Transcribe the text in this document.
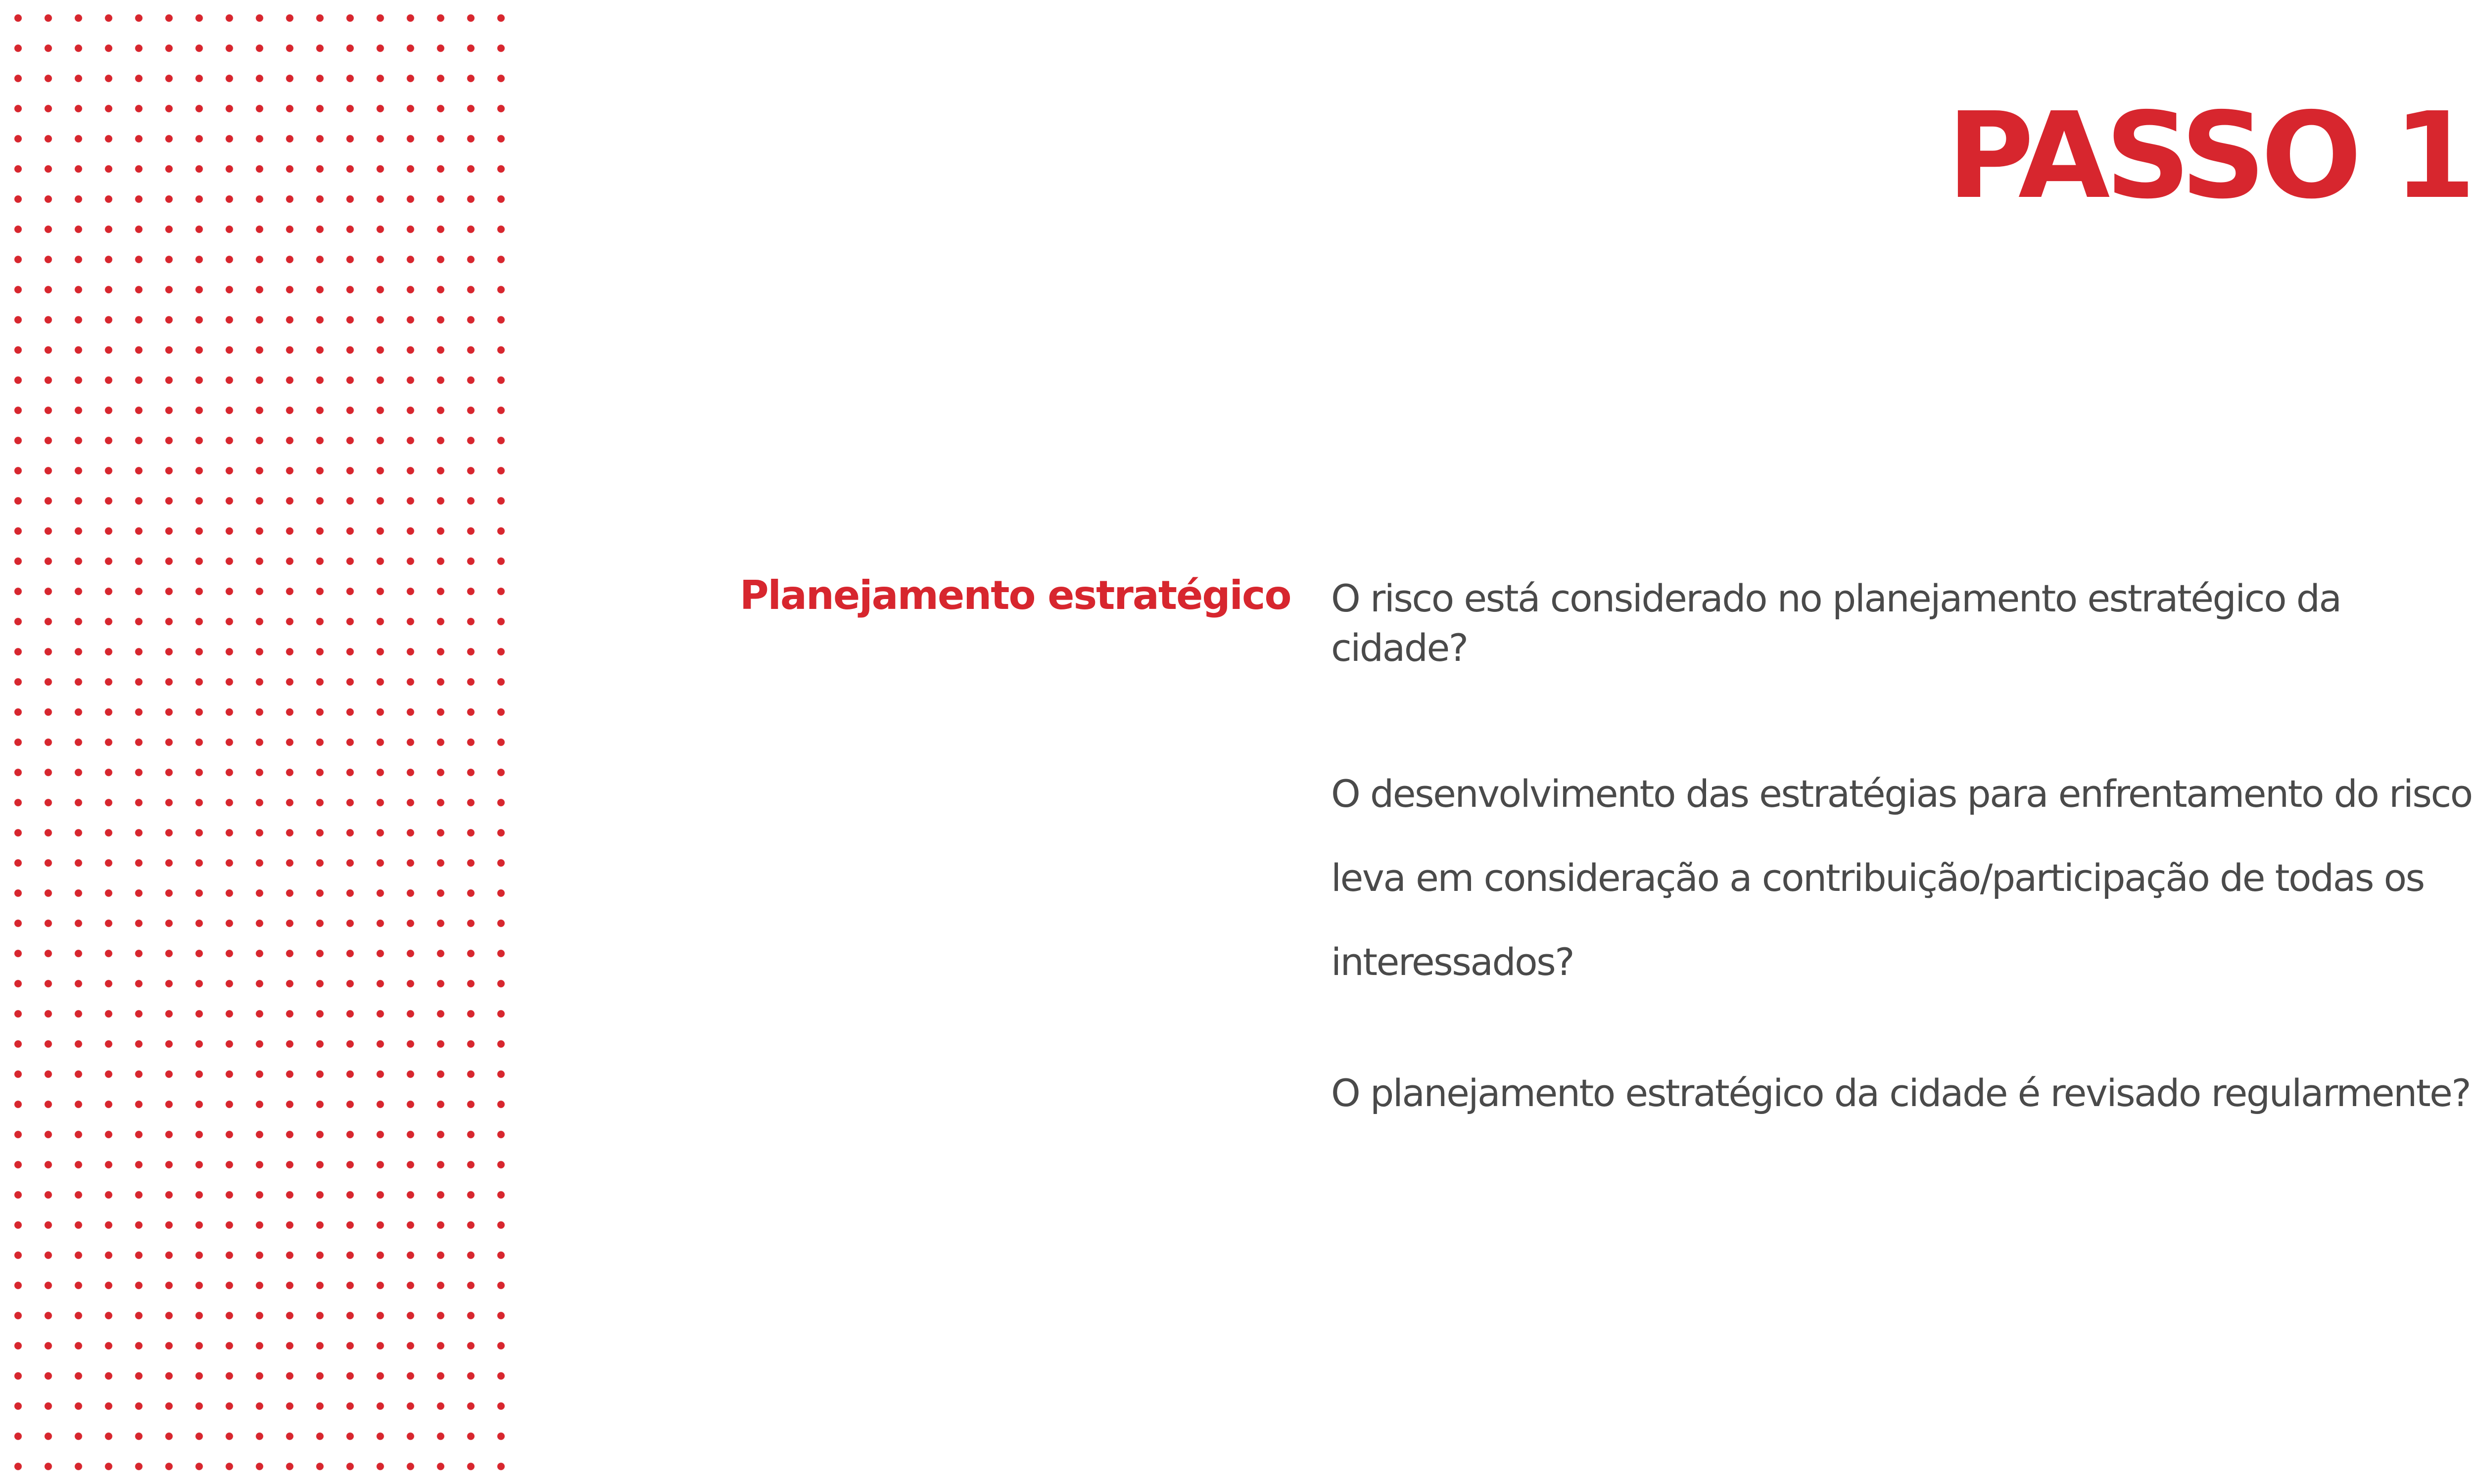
PASSO 1
Planejamento estratégico O risco está considerado no planejamento estratégico da cidade?
O desenvolvimento das estratégias para enfrentamento do risco leva em consideração a contribuição/participação de todas os interessados?
O planejamento estratégico da cidade é revisado regularmente?
